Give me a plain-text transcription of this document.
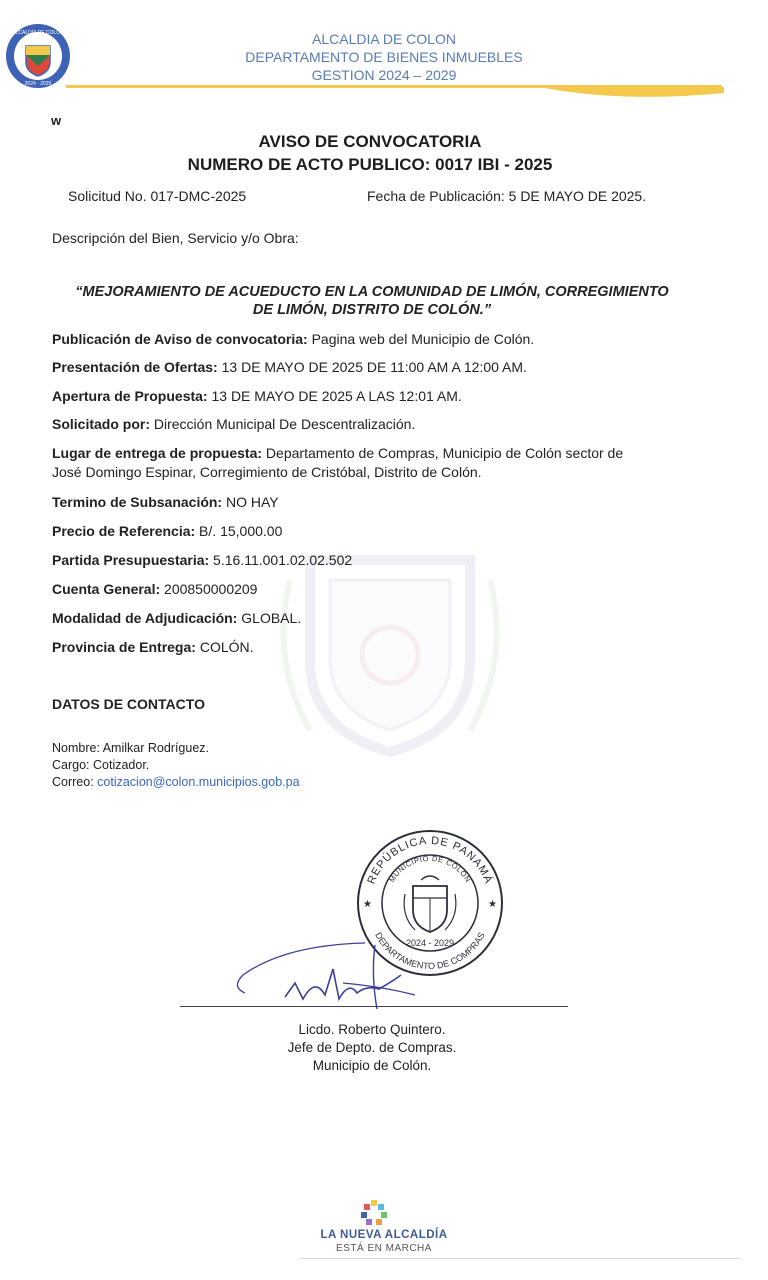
ALCALDÍA DE COLÓN
2024 · 2029
ALCALDIA DE COLON
DEPARTAMENTO DE BIENES INMUEBLES
GESTION 2024 – 2029
w
AVISO DE CONVOCATORIA
NUMERO DE ACTO PUBLICO: 0017 IBI - 2025
Solicitud No. 017-DMC-2025	Fecha de Publicación: 5 DE MAYO DE 2025.
Descripción del Bien, Servicio y/o Obra:
“MEJORAMIENTO DE ACUEDUCTO EN LA COMUNIDAD DE LIMÓN, CORREGIMIENTO
DE LIMÓN, DISTRITO DE COLÓN.”
Publicación de Aviso de convocatoria: Pagina web del Municipio de Colón.
Presentación de Ofertas: 13 DE MAYO DE 2025 DE 11:00 AM A 12:00 AM.
Apertura de Propuesta: 13 DE MAYO DE 2025 A LAS 12:01 AM.
Solicitado por: Dirección Municipal De Descentralización.
Lugar de entrega de propuesta: Departamento de Compras, Municipio de Colón sector de
José Domingo Espinar, Corregimiento de Cristóbal, Distrito de Colón.
Termino de Subsanación: NO HAY
Precio de Referencia: B/. 15,000.00
Partida Presupuestaria: 5.16.11.001.02.02.502
Cuenta General: 200850000209
Modalidad de Adjudicación: GLOBAL.
Provincia de Entrega: COLÓN.
DATOS DE CONTACTO
Nombre: Amilkar Rodríguez.
Cargo: Cotizador.
Correo: cotizacion@colon.municipios.gob.pa
REPÚBLICA DE PANAMÁ
MUNICIPIO DE COLÓN
DEPARTAMENTO DE COMPRAS
2024 - 2029
★	★
Licdo. Roberto Quintero.
Jefe de Depto. de Compras.
Municipio de Colón.
LA NUEVA ALCALDÍA
ESTÁ EN MARCHA
